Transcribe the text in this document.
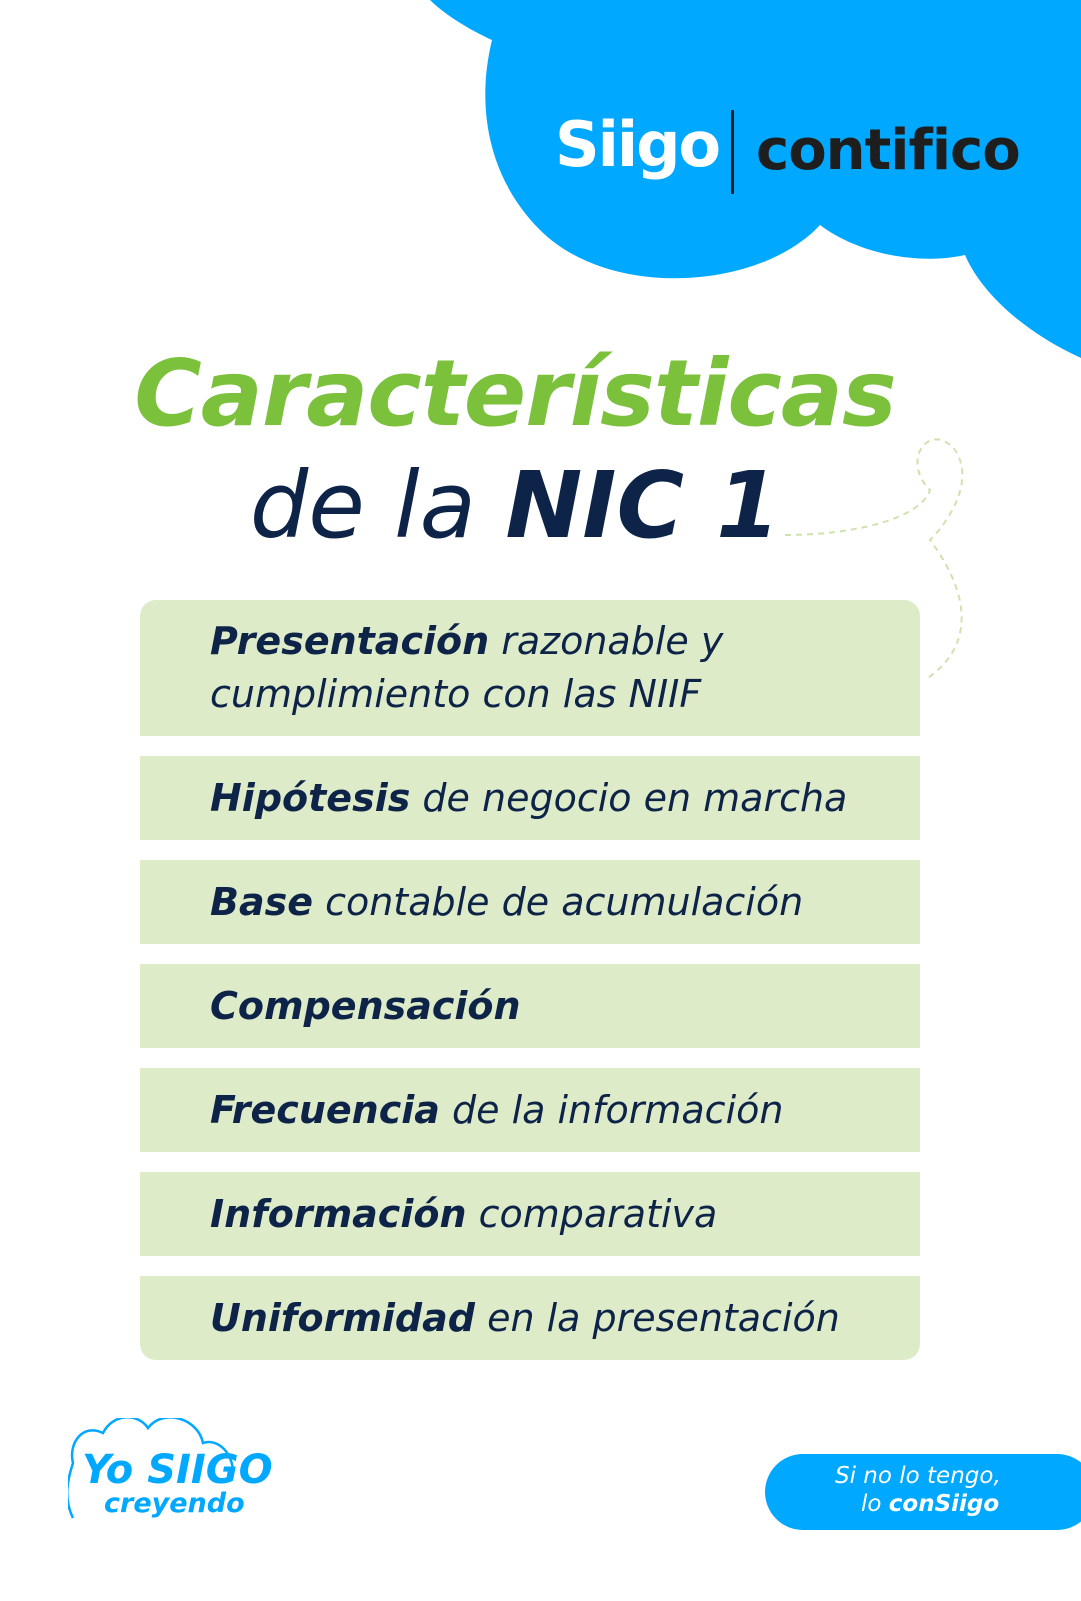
Siigo contifico
Características
de la NIC 1
Presentación razonable y cumplimiento con las NIIF
Hipótesis de negocio en marcha
Base contable de acumulación
Compensación
Frecuencia de la información
Información comparativa
Uniformidad en la presentación
Yo SIIGO
creyendo
Si no lo tengo,
lo conSiigo
